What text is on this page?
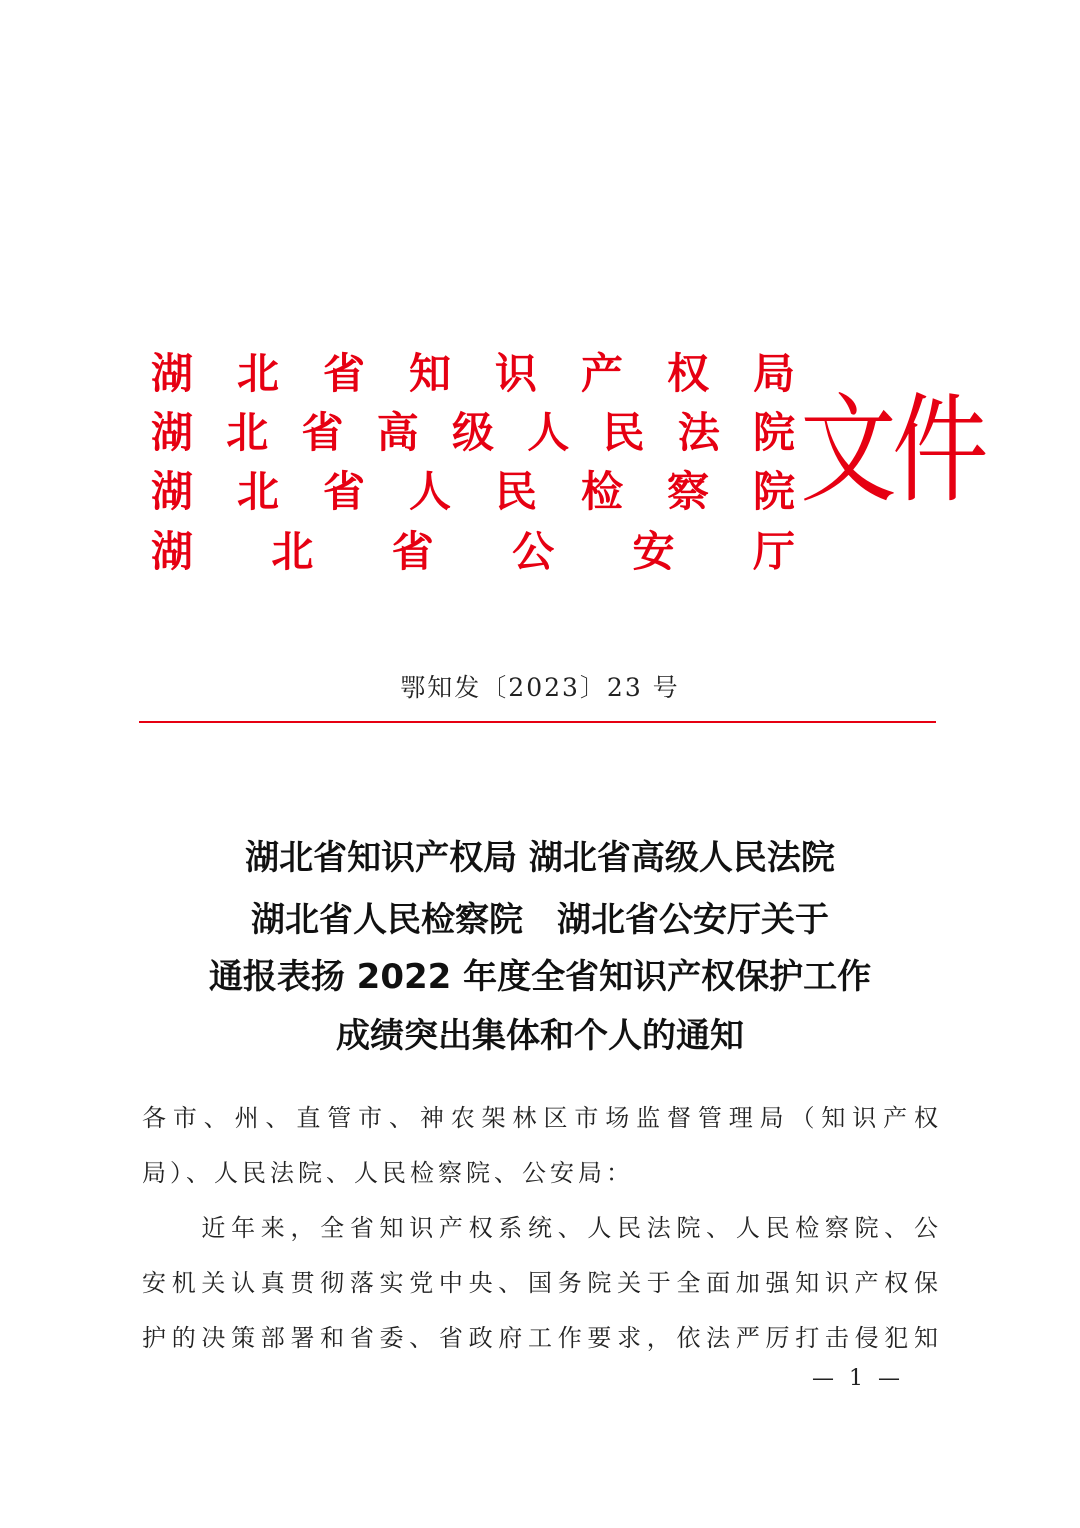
湖 北 省 知 识 产 权 局
湖 北 省 高 级 人 民 法 院
湖 北 省 人 民 检 察 院
湖 北 省 公 安 厅
文件
鄂知发〔2023〕23 号
湖北省知识产权局 湖北省高级人民法院
湖北省人民检察院　湖北省公安厅关于
通报表扬 2022 年度全省知识产权保护工作
成绩突出集体和个人的通知
各市、州、直管市、神农架林区市场监督管理局（知识产权
局）、人民法院、人民检察院、公安局：
　　近年来，全省知识产权系统、人民法院、人民检察院、公
安机关认真贯彻落实党中央、国务院关于全面加强知识产权保
护的决策部署和省委、省政府工作要求，依法严厉打击侵犯知
— 1 —
